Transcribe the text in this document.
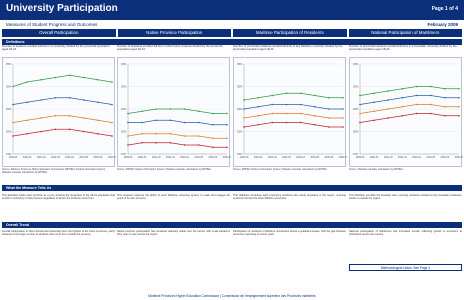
University Participation	Page 1 of 4
Measures of Student Progress and Outcomes	February 2009
Overall Participation	Native Province Participation	Maritime Participation of Residents	National Participation of Maritimers
Definitions
Number of students enrolled full-time in a university divided by the provincial population aged 18-24.
15%
20%
25%
30%
35%
1999-00 2000-01 2001-02 2002-03 2003-04 2004-05 2005-06 2006-07
Source: Maritime Provinces Higher Education Commission (MPHEC) Student Information System; Statistics Canada; calculations by MPHEC.
Number of residents enrolled full-time in their home province divided by the provincial population aged 18-24.
15%
20%
25%
30%
35%
1999-00 2000-01 2001-02 2002-03 2003-04 2004-05 2005-06 2006-07
Source: MPHEC Student Information System; Statistics Canada; calculations by MPHEC.
Number of provincial residents enrolled full-time in any Maritime university divided by the provincial population aged 18-24.
15%
20%
25%
30%
35%
1999-00 2000-01 2001-02 2002-03 2003-04 2004-05 2005-06 2006-07
Source: MPHEC Student Information System; Statistics Canada; calculations by MPHEC.
Number of provincial residents enrolled full-time in a Canadian university divided by the provincial population aged 18-24.
15%
20%
25%
30%
35%
1999-00 2000-01 2001-02 2002-03 2003-04 2004-05 2005-06 2006-07
Source: Statistics Canada; calculations by MPHEC.
What the Measure Tells Us

This definition treats each province as a unit, showing the proportion of the 18-24 population that enrolls in university in that province regardless of where the students come from.

This measure captures the ability of each Maritime university system to retain and engage the youth of its own province.

This definition combines each province's residents who study anywhere in the region, counting enrolment across the three Maritime provinces.

This definition provides the broadest view, counting residents enrolled at any Canadian institution, inside or outside the region.

Overall Trend

Overall participation in Nova Scotia has historically been the highest of the three provinces, partly because of the large number of students who come from outside the province.

Native province participation has remained relatively stable over the period, with small variations from year to year across the region.

Participation of residents in Maritime universities shows a gradual increase, with the gap between provinces narrowing in recent years.

National participation of Maritimers has increased overall, reflecting growth in enrolment at institutions across the country.

Methodological Notes: See Page 4
Maritime Provinces Higher Education Commission | Commission de l'enseignement supérieur des Provinces maritimes
